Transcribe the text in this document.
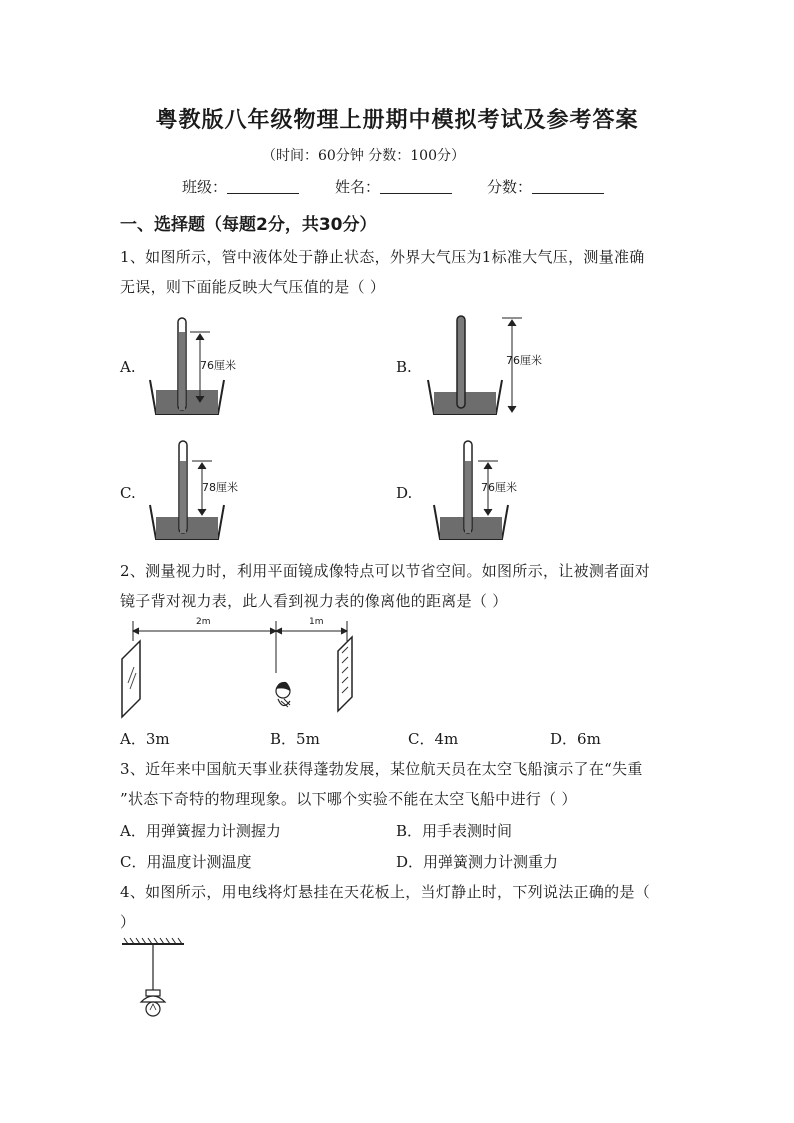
粤教版八年级物理上册期中模拟考试及参考答案
（时间：60分钟 分数：100分）
班级：	姓名：	分数：
一、选择题（每题2分，共30分）
1、如图所示，管中液体处于静止状态，外界大气压为1标准大气压，测量准确
无误，则下面能反映大气压值的是（ ）
A.	76厘米	B.	76厘米
C.	78厘米	D.	76厘米
2、测量视力时，利用平面镜成像特点可以节省空间。如图所示，让被测者面对
镜子背对视力表，此人看到视力表的像离他的距离是（ ）
2m	1m
A．3m	B．5m	C．4m	D．6m
3、近年来中国航天事业获得蓬勃发展，某位航天员在太空飞船演示了在“失重
”状态下奇特的物理现象。以下哪个实验不能在太空飞船中进行（ ）
A．用弹簧握力计测握力	B．用手表测时间
C．用温度计测温度	D．用弹簧测力计测重力
4、如图所示，用电线将灯悬挂在天花板上，当灯静止时，下列说法正确的是（
）
